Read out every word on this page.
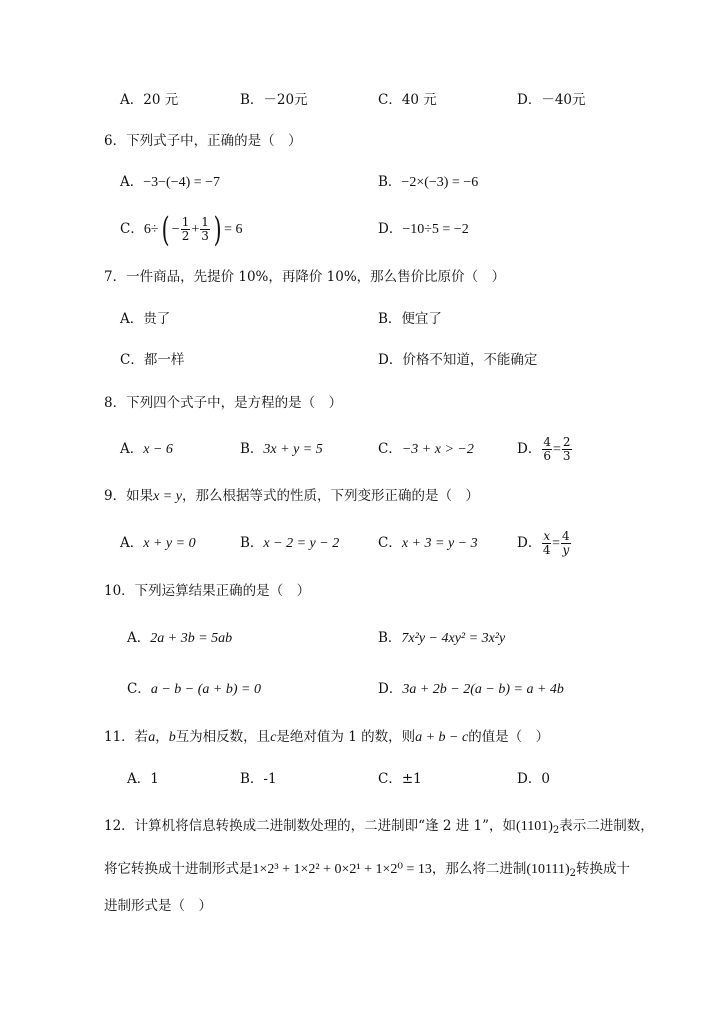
A．20 元	B．－20元	C．40 元	D．－40元
6．下列式子中，正确的是（　）
A．−3−(−4) = −7	B．−2×(−3) = −6
C．$6\div( - \frac{1}{2} + \frac{1}{3}$ ) = 6	D．−10÷5 = −2
7．一件商品，先提价 10%，再降价 10%，那么售价比原价（　）
A．贵了	B．便宜了
C．都一样	D．价格不知道，不能确定
8．下列四个式子中，是方程的是（　）
A．x − 6	B．3x + y = 5	C．−3 + x > −2	D． $\frac{4}{6} = \frac{2}{3}$
9．如果x = y，那么根据等式的性质，下列变形正确的是（　）
A．x + y = 0	B．x − 2 = y − 2	C．x + 3 = y − 3	D． $\frac{x}{4} = \frac{4}{y}$
10．下列运算结果正确的是（　）
A．2a + 3b = 5ab	B．7x²y − 4xy² = 3x²y
C．a − b − (a + b) = 0	D．3a + 2b − 2(a − b) = a + 4b
11．若a，b互为相反数，且c是绝对值为 1 的数，则a + b − c的值是（　）
A．1	B．-1	C．±1	D．0
12．计算机将信息转换成二进制数处理的，二进制即“逢 2 进 1”，如$(1101)_2$表示二进制数，
将它转换成十进制形式是1×2³ + 1×2² + 0×2¹ + 1×2⁰ = 13，那么将二进制$(10111)_2$转换成十
进制形式是（　）
